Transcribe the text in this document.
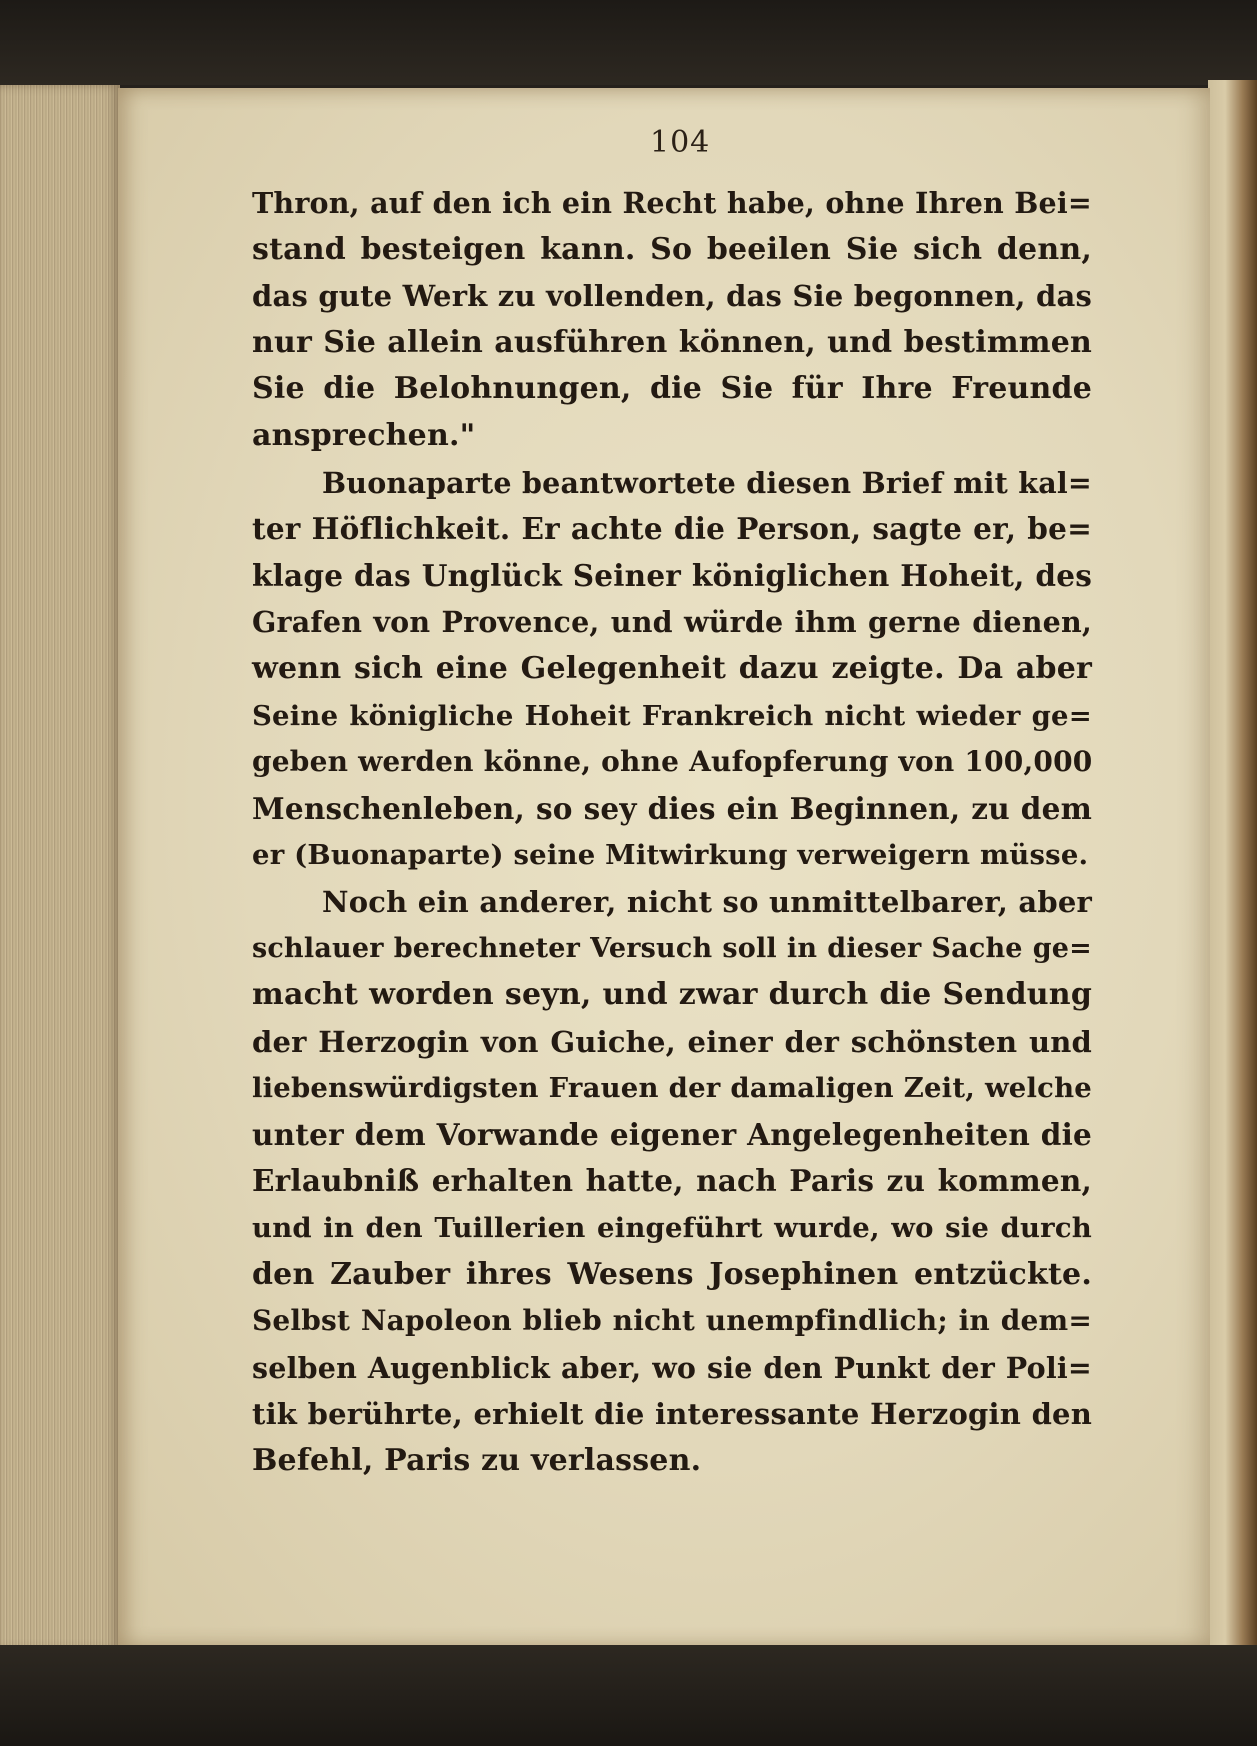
104
Thron, auf den ich ein Recht habe, ohne Ihren Bei=
stand besteigen kann. So beeilen Sie sich denn,
das gute Werk zu vollenden, das Sie begonnen, das
nur Sie allein ausführen können, und bestimmen
Sie die Belohnungen, die Sie für Ihre Freunde
ansprechen."
Buonaparte beantwortete diesen Brief mit kal=
ter Höflichkeit. Er achte die Person, sagte er, be=
klage das Unglück Seiner königlichen Hoheit, des
Grafen von Provence, und würde ihm gerne dienen,
wenn sich eine Gelegenheit dazu zeigte. Da aber
Seine königliche Hoheit Frankreich nicht wieder ge=
geben werden könne, ohne Aufopferung von 100,000
Menschenleben, so sey dies ein Beginnen, zu dem
er (Buonaparte) seine Mitwirkung verweigern müsse.
Noch ein anderer, nicht so unmittelbarer, aber
schlauer berechneter Versuch soll in dieser Sache ge=
macht worden seyn, und zwar durch die Sendung
der Herzogin von Guiche, einer der schönsten und
liebenswürdigsten Frauen der damaligen Zeit, welche
unter dem Vorwande eigener Angelegenheiten die
Erlaubniß erhalten hatte, nach Paris zu kommen,
und in den Tuillerien eingeführt wurde, wo sie durch
den Zauber ihres Wesens Josephinen entzückte.
Selbst Napoleon blieb nicht unempfindlich; in dem=
selben Augenblick aber, wo sie den Punkt der Poli=
tik berührte, erhielt die interessante Herzogin den
Befehl, Paris zu verlassen.
